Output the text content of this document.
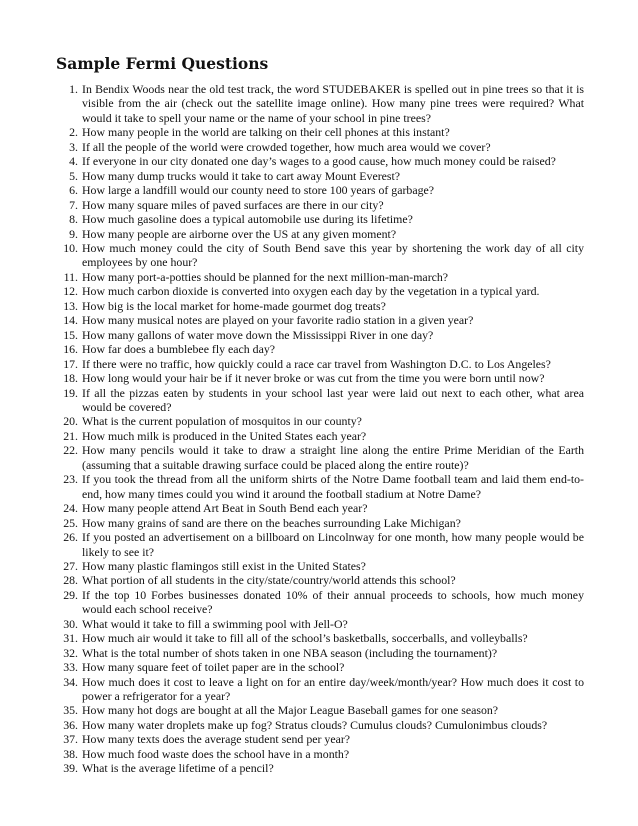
Sample Fermi Questions
1. In Bendix Woods near the old test track, the word STUDEBAKER is spelled out in pine trees so that it is visible from the air (check out the satellite image online). How many pine trees were required? What would it take to spell your name or the name of your school in pine trees?
2. How many people in the world are talking on their cell phones at this instant?
3. If all the people of the world were crowded together, how much area would we cover?
4. If everyone in our city donated one day’s wages to a good cause, how much money could be raised?
5. How many dump trucks would it take to cart away Mount Everest?
6. How large a landfill would our county need to store 100 years of garbage?
7. How many square miles of paved surfaces are there in our city?
8. How much gasoline does a typical automobile use during its lifetime?
9. How many people are airborne over the US at any given moment?
10. How much money could the city of South Bend save this year by shortening the work day of all city employees by one hour?
11. How many port-a-potties should be planned for the next million-man-march?
12. How much carbon dioxide is converted into oxygen each day by the vegetation in a typical yard.
13. How big is the local market for home-made gourmet dog treats?
14. How many musical notes are played on your favorite radio station in a given year?
15. How many gallons of water move down the Mississippi River in one day?
16. How far does a bumblebee fly each day?
17. If there were no traffic, how quickly could a race car travel from Washington D.C. to Los Angeles?
18. How long would your hair be if it never broke or was cut from the time you were born until now?
19. If all the pizzas eaten by students in your school last year were laid out next to each other, what area would be covered?
20. What is the current population of mosquitos in our county?
21. How much milk is produced in the United States each year?
22. How many pencils would it take to draw a straight line along the entire Prime Meridian of the Earth (assuming that a suitable drawing surface could be placed along the entire route)?
23. If you took the thread from all the uniform shirts of the Notre Dame football team and laid them end-to-end, how many times could you wind it around the football stadium at Notre Dame?
24. How many people attend Art Beat in South Bend each year?
25. How many grains of sand are there on the beaches surrounding Lake Michigan?
26. If you posted an advertisement on a billboard on Lincolnway for one month, how many people would be likely to see it?
27. How many plastic flamingos still exist in the United States?
28. What portion of all students in the city/state/country/world attends this school?
29. If the top 10 Forbes businesses donated 10% of their annual proceeds to schools, how much money would each school receive?
30. What would it take to fill a swimming pool with Jell-O?
31. How much air would it take to fill all of the school’s basketballs, soccerballs, and volleyballs?
32. What is the total number of shots taken in one NBA season (including the tournament)?
33. How many square feet of toilet paper are in the school?
34. How much does it cost to leave a light on for an entire day/week/month/year? How much does it cost to power a refrigerator for a year?
35. How many hot dogs are bought at all the Major League Baseball games for one season?
36. How many water droplets make up fog? Stratus clouds? Cumulus clouds? Cumulonimbus clouds?
37. How many texts does the average student send per year?
38. How much food waste does the school have in a month?
39. What is the average lifetime of a pencil?
